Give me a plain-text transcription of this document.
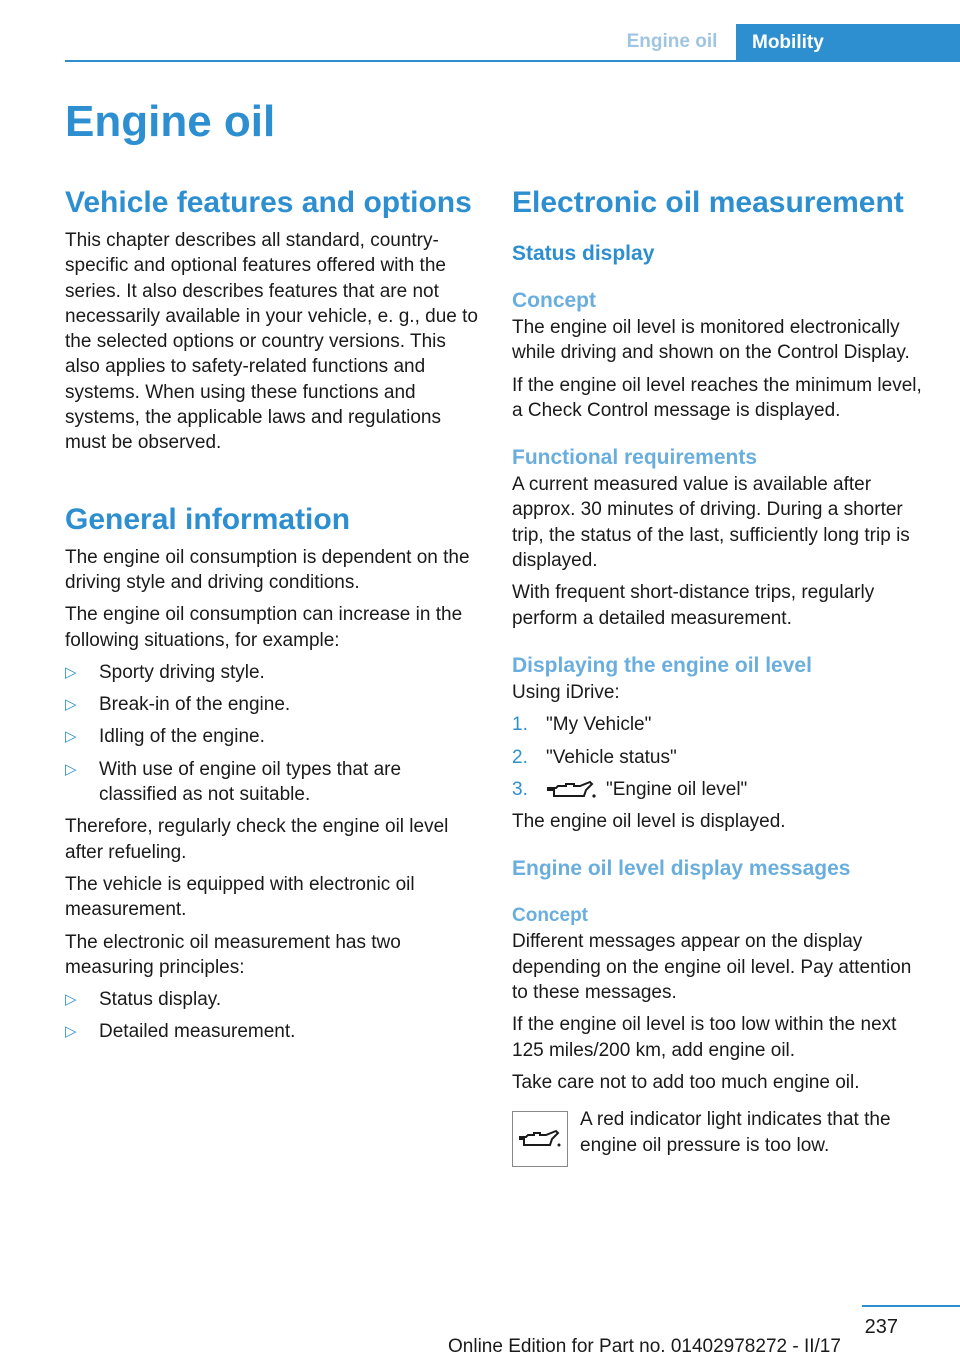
Engine oil	Mobility
Engine oil
Vehicle features and options

This chapter describes all standard, country-specific and optional features offered with the series. It also describes features that are not necessarily available in your vehicle, e. g., due to the selected options or country versions. This also applies to safety-related functions and systems. When using these functions and systems, the applicable laws and regulations must be observed.

General information

The engine oil consumption is dependent on the driving style and driving conditions.

The engine oil consumption can increase in the following situations, for example:

▷ Sporty driving style.
▷ Break-in of the engine.
▷ Idling of the engine.
▷ With use of engine oil types that are classified as not suitable.

Therefore, regularly check the engine oil level after refueling.

The vehicle is equipped with electronic oil measurement.

The electronic oil measurement has two measuring principles:

▷ Status display.
▷ Detailed measurement.
Electronic oil measurement
Status display
Concept

The engine oil level is monitored electronically while driving and shown on the Control Display.

If the engine oil level reaches the minimum level, a Check Control message is displayed.

Functional requirements

A current measured value is available after approx. 30 minutes of driving. During a shorter trip, the status of the last, sufficiently long trip is displayed.

With frequent short-distance trips, regularly perform a detailed measurement.

Displaying the engine oil level

Using iDrive:

1. "My Vehicle"
2. "Vehicle status"
3.	"Engine oil level"

The engine oil level is displayed.

Engine oil level display messages
Concept

Different messages appear on the display depending on the engine oil level. Pay attention to these messages.

If the engine oil level is too low within the next 125 miles/200 km, add engine oil.

Take care not to add too much engine oil.

A red indicator light indicates that the engine oil pressure is too low.

237
Online Edition for Part no. 01402978272 - II/17
